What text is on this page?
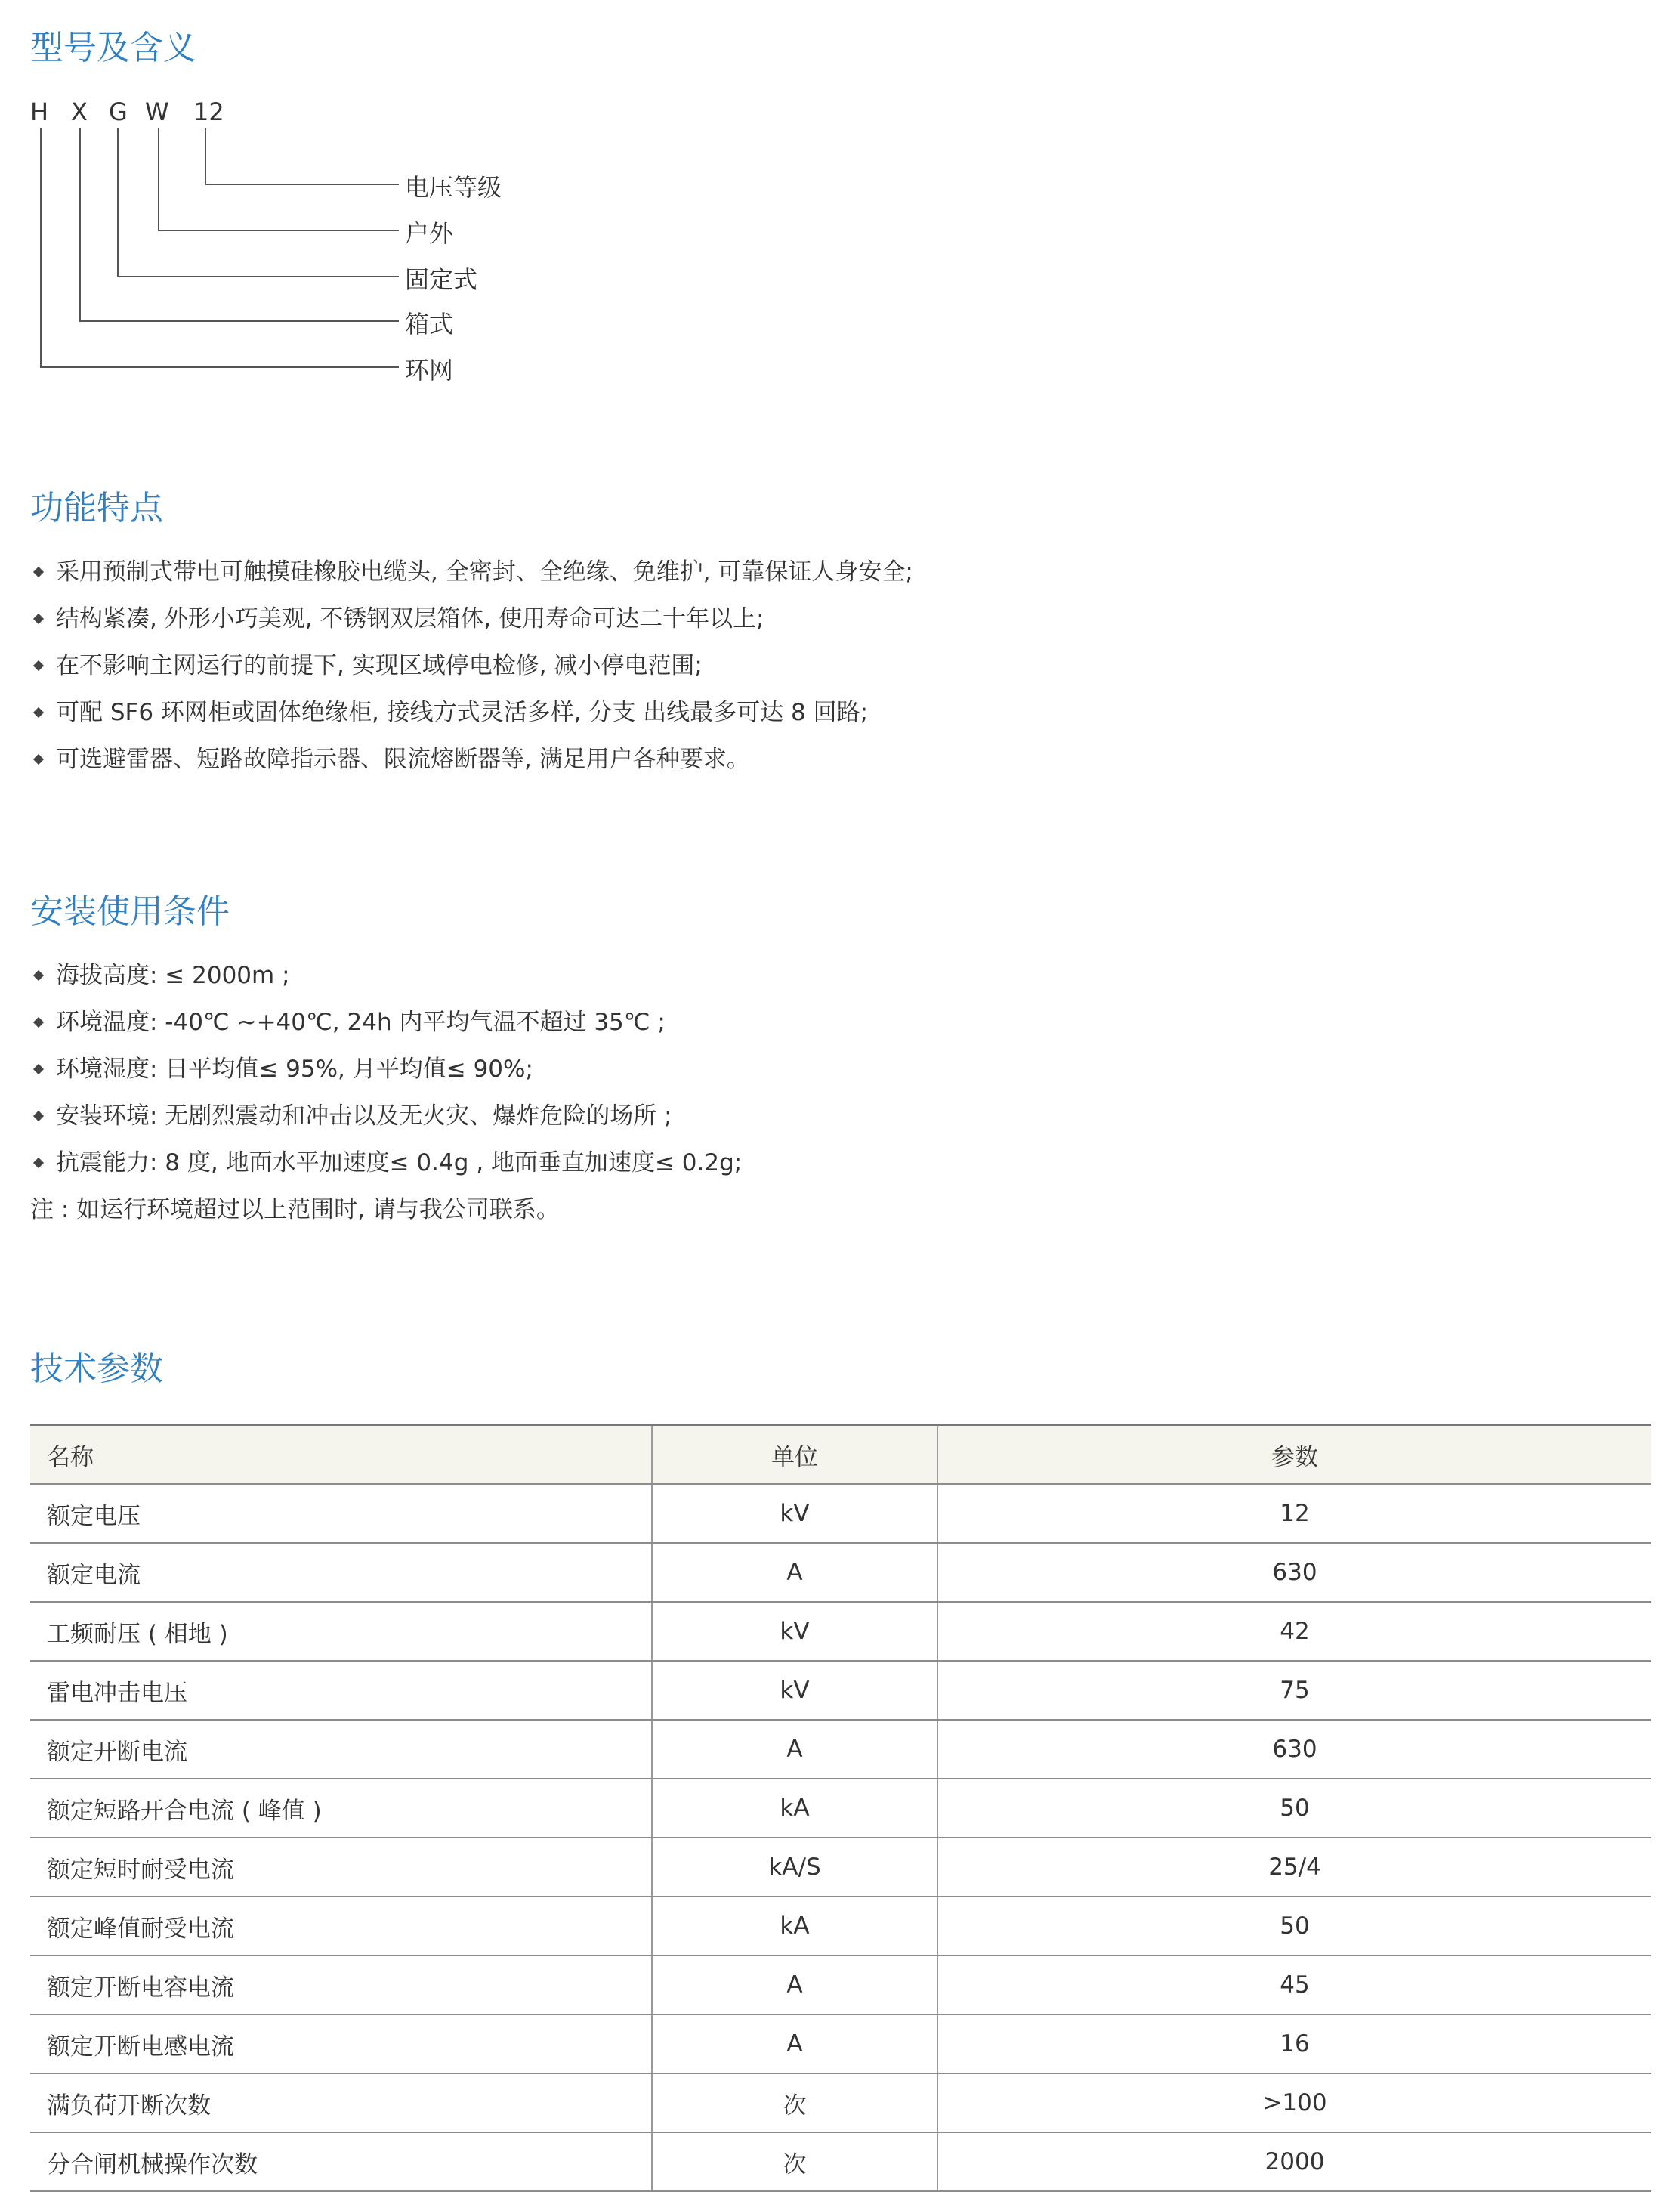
型号及含义
H X G W 12
电压等级
户外
固定式
箱式
环网
功能特点
采用预制式带电可触摸硅橡胶电缆头, 全密封、全绝缘、免维护, 可靠保证人身安全;
结构紧凑, 外形小巧美观, 不锈钢双层箱体, 使用寿命可达二十年以上;
在不影响主网运行的前提下, 实现区域停电检修, 减小停电范围;
可配 SF6 环网柜或固体绝缘柜, 接线方式灵活多样, 分支 出线最多可达 8 回路;
可选避雷器、短路故障指示器、限流熔断器等, 满足用户各种要求。
安装使用条件
海拔高度: ≤ 2000m ;
环境温度: -40℃ ~+40℃, 24h 内平均气温不超过 35℃ ;
环境湿度: 日平均值≤ 95%, 月平均值≤ 90%;
安装环境: 无剧烈震动和冲击以及无火灾、爆炸危险的场所 ;
抗震能力: 8 度, 地面水平加速度≤ 0.4g , 地面垂直加速度≤ 0.2g;
注 : 如运行环境超过以上范围时, 请与我公司联系。
技术参数
名称	单位	参数
额定电压	kV	12
额定电流	A	630
工频耐压 ( 相地 )	kV	42
雷电冲击电压	kV	75
额定开断电流	A	630
额定短路开合电流 ( 峰值 )	kA	50
额定短时耐受电流	kA/S	25/4
额定峰值耐受电流	kA	50
额定开断电容电流	A	45
额定开断电感电流	A	16
满负荷开断次数	次	>100
分合闸机械操作次数	次	2000
